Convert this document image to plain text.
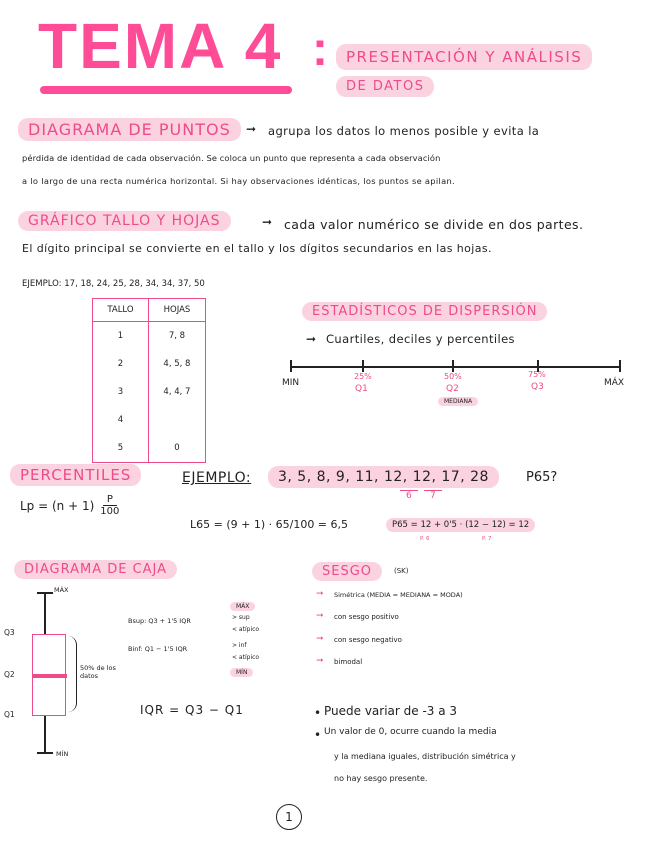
TEMA 4 :	PRESENTACIÓN Y ANÁLISIS
DE DATOS
DIAGRAMA DE PUNTOS	➞ agrupa los datos lo menos posible y evita la
pérdida de identidad de cada observación. Se coloca un punto que representa a cada observación
a lo largo de una recta numérica horizontal. Si hay observaciones idénticas, los puntos se apilan.
GRÁFICO TALLO Y HOJAS	➞ cada valor numérico se divide en dos partes.
El dígito principal se convierte en el tallo y los dígitos secundarios en las hojas.
EJEMPLO: 17, 18, 24, 25, 28, 34, 34, 37, 50
TALLO	HOJAS
1	7, 8
2	4, 5, 8
3	4, 4, 7
4	
5	0
ESTADÍSTICOS DE DISPERSIÓN
➞ Cuartiles, deciles y percentiles
MIN
25%
Q1
50%
Q2
MEDIANA
75%
Q3	MÁX
PERCENTILES
Lp = (n + 1)	P
100
EJEMPLO:	3, 5, 8, 9, 11, 12, 12, 17, 28	P65?
6	7
L65 = (9 + 1) · 65/100 = 6,5	P65 = 12 + 0'5 · (12 − 12) = 12
P. 6	P. 7
DIAGRAMA DE CAJA
MÁX
MÍN
Q3
Q2
Q1
50% de los datos
MÁX
Bsup: Q3 + 1'5 IQR	> sup
< atípico
Binf: Q1 − 1'5 IQR	> inf
< atípico
MÍN
IQR = Q3 − Q1
SESGO	(SK)
➞ Simétrica (MEDIA = MEDIANA = MODA)
➞ con sesgo positivo
➞ con sesgo negativo
➞ bimodal
• Puede variar de -3 a 3
• Un valor de 0, ocurre cuando la media
y la mediana iguales, distribución simétrica y
no hay sesgo presente.
1
